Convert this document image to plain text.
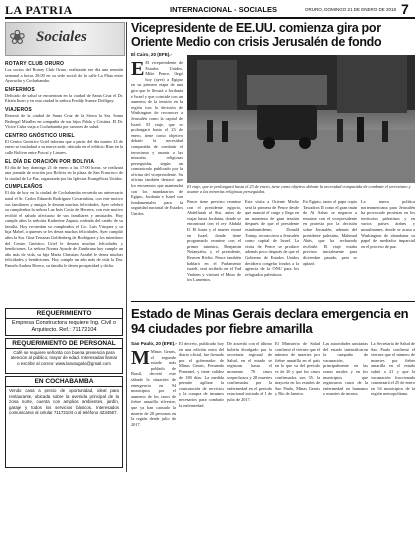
LA PATRIA	INTERNACIONAL - SOCIALES	ORURO, DOMINGO 21 DE ENERO DE 2018 7
❀ Sociales
ROTARY CLUB ORURO
Los socios del Rotary Club Oruro, realizarán ese día una reunión semanal a horas 20:00 en su sede social de la calle La Plata entre Ayacucho y Cochabamba.
ENFERMOS
Delicado de salud se encuentran en la ciudad de Santa Cruz el Dr. Efraín Iturri y en esta ciudad la señora Freddy Suarez Doffigny.
VIAJEROS
Retornó de la ciudad de Santa Cruz de la Sierra la Sra. Sonia Bedregal Miralles en compañía de sus hijos Pablo y Cristina. El Dr. Víctor Cuba viaja a Cochabamba por razones de salud.
CENTRO GNÓSTICO URIEL
El Centro Gnóstico Uriel informa que a partir del día martes 23 de enero se trasladará a su nueva sede, ubicada en el edificio Bins en la calle Bolívar entre Potosí y Linares.
EL DÍA DE ORACIÓN POR BOLIVIA
El día de hoy domingo 21 de enero a las 17:00 horas, se realizará una jornada de oración por Bolivia en la plaza de San Francisco de la ciudad de La Paz, organizada por las Iglesias Evangélicas Unidas.
CUMPLEAÑOS
El día de hoy en la ciudad de Cochabamba recuerda un aniversario natal el Sr. Carlos Eduardo Rodríguez Covarrubias, con este motivo sus familiares y amigos le desean muchas felicidades. Ayer celebró su cumpleaños la señora Luz Inés Cosío de Herrera, con este motivo recibió el saludo afectuoso de sus familiares y amistades. Hoy cumple años la señorita Katherine Zapata, rodeada del cariño de su familia. Hoy recuerdan su cumpleaños el Lic. Luis Vásquez y su hija Mabel, a quienes se les desea muchas felicidades. Ayer cumplió años la Sra. Gina Terrazas Goldenberg de Rodríguez y los miembros del Centro Gnóstico Uriel le desean muchas felicidades y bendiciones. La señora Norma Ayarde de Zambrana hoy cumple un año más de vida, su hija María Christian Arzabé le desea muchas felicidades y bendiciones. Hoy cumple un año más de vida la Dra. Pamela Andrea Rivero, su familia le desea prosperidad y dicha.
REQUERIMIENTO
Empresa Constructora requiere Ing. Civil o Arquitecto. Ref.: 71172104
REQUERIMIENTO DE PERSONAL
Café se requiere señorita con buena presencia para atención al público, mayor de edad. Interesadas llamar o escribir al correo: www.lanutugalo@gmail.com
EN COCHABAMBA
Vendo casa a precio de oportunidad, ideal para restaurante, ubicada sobre la avenida principal de la zona norte, cuenta con amplios ambientes, jardín, garaje y todos los servicios básicos. Interesados comunicarse al celular 71172104 o al teléfono 4234567.
Vicepresidente de EE.UU. comienza gira por Oriente Medio con crisis Jerusalén de fondo
El Cairo, 20 (EFE).-
E El vicepresidente de Estados Unidos, Mike Pence, llegó hoy (ayer) a Egipto en su primera etapa de una gira que le llevará a Jordania e Israel y que coincide con un aumento de la tensión en la región tras la decisión de Washington de reconocer a Jerusalén como la capital de Israel. El viaje, que se prolongará hasta el 23 de enero, tiene como objetivo debatir la necesidad compartida de combatir el terrorismo y asumir a las minorías religiosas perseguidas, según un comunicado publicado por la oficina del vicepresidente. Su oficina también destacó que los encuentros que mantendrá con los mandatarios de Egipto, Jordania e Israel son fundamentales para la seguridad nacional de Estados Unidos.
El viaje, que se prolongará hasta el 23 de enero, tiene como objetivo debatir la necesidad compartida de combatir el terrorismo y asumir a las minorías religiosas perseguidas.
Pence tiene previsto reunirse con el presidente egipcio, Abdelfatah al Sisi, antes de viajar hasta Jordania, donde se encontrará con el rey Abdalá II. El lunes y el martes estará en Israel, donde tiene programado reunirse con el primer ministro, Benjamín Netanyahu, y el presidente, Reuven Rivlin. Pence también hablará en el Parlamento israelí, será recibido en el Yad Vashem y visitará el Muro de los Lamentos.
Esta visita a Oriente Medio será la primera de Pence desde que asumió el cargo y llega en un momento de gran tensión después de que el presidente estadounidense, Donald Trump, reconociera a Jerusalén como capital de Israel. La visita de Pence se produce además poco después de que el Gobierno de Estados Unidos decidiera congelar fondos a la agencia de la ONU para los refugiados palestinos.
En Egipto, tanto el papa copto Tawadros II como el gran imán de Al Azhar se negaron a reunirse con el vicepresidente en protesta por la decisión sobre Jerusalén, además del presidente palestino, Mahmud Abás, que ha rechazado recibirle. El viaje estaba previsto inicialmente para diciembre pasado, pero se aplazó.
La nueva política norteamericana para Jerusalén ha provocado protestas en los territorios palestinos y en varios países árabes y musulmanes, donde se acusa a Washington de abandonar su papel de mediador imparcial en el proceso de paz.
Estado de Minas Gerais declara emergencia en 94 ciudades por fiebre amarilla
Sao Paulo, 20 (EFE).-
M Minas Gerais, el segundo estado más poblado de Brasil, decretó este sábado la situación de emergencia en 94 municipios por el aumento de los casos de fiebre amarilla silvestre, que ya han causado la muerte de 28 personas en la región desde julio de 2017.
El decreto, publicado hoy en una edición extra del diario oficial, fue firmado por el gobernador de Minas Gerais, Fernando Pimentel, y tiene validez de 180 días. La medida permite agilizar la contratación de servicios y la compra de insumos necesarios para combatir la enfermedad.
De acuerdo con el último boletín divulgado por la secretaría regional de Salud, en el estado se registran hasta el momento 76 casos sospechosos y 28 muertes confirmadas por la enfermedad en el periodo estacional iniciado el 1 de julio de 2017.
El Ministerio de Salud confirmó el viernes que el número de muertes por fiebre amarilla en el país en lo que va del periodo es de 20 y que los casos confirmados son 35, la mayoría en los estados de Sao Paulo, Minas Gerais y Río de Janeiro.
Las autoridades sanitarias del estado intensificaron la campaña de vacunación, principalmente en las zonas rurales y en los municipios que registraron casos de la enfermedad en humanos o muertes de monos.
La Secretaría de Salud de Sao Paulo confirmó el viernes que el número de muertes por fiebre amarilla en el estado subió a 21 y que la vacunación fraccionada comenzará el 25 de enero en 54 municipios de la región metropolitana.
